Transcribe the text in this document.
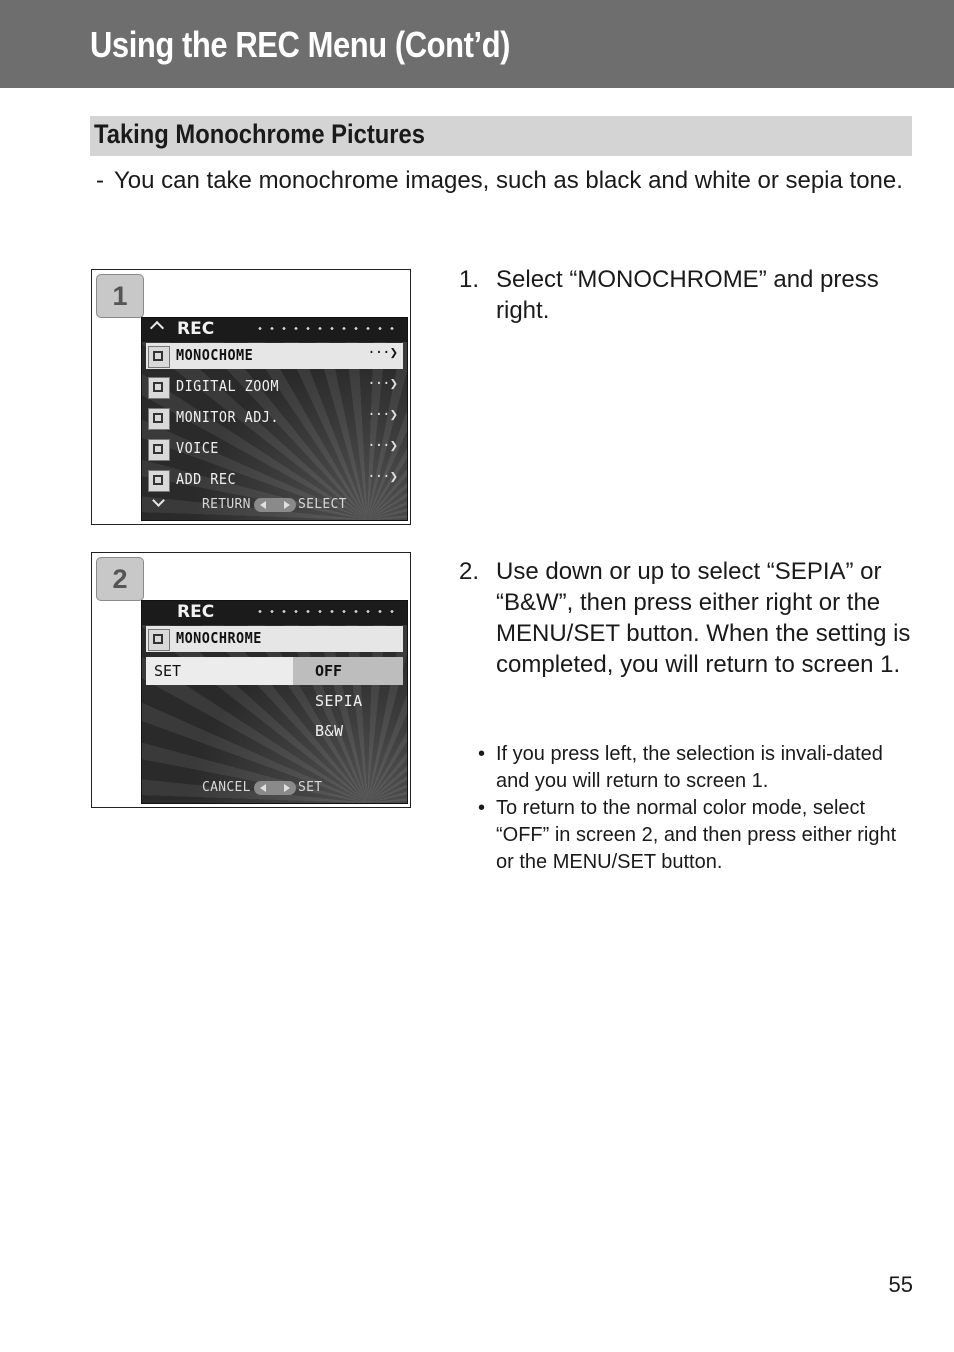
Using the REC Menu (Cont’d)
Taking Monochrome Pictures
- You can take monochrome images, such as black and white or sepia tone.
1
REC
MONOCHOME	···❯
DIGITAL ZOOM	···❯
MONITOR ADJ.	···❯
VOICE	···❯
ADD REC	···❯
RETURN	SELECT
2
REC
MONOCHROME
SET	OFF
SEPIA
B&W
CANCEL	SET
1. Select “MONOCHROME” and press right.
2. Use down or up to select “SEPIA” or “B&W”, then press either right or the MENU/SET button. When the setting is completed, you will return to screen 1.
• If you press left, the selection is invali-dated and you will return to screen 1.
• To return to the normal color mode, select “OFF” in screen 2, and then press either right or the MENU/SET button.
55
